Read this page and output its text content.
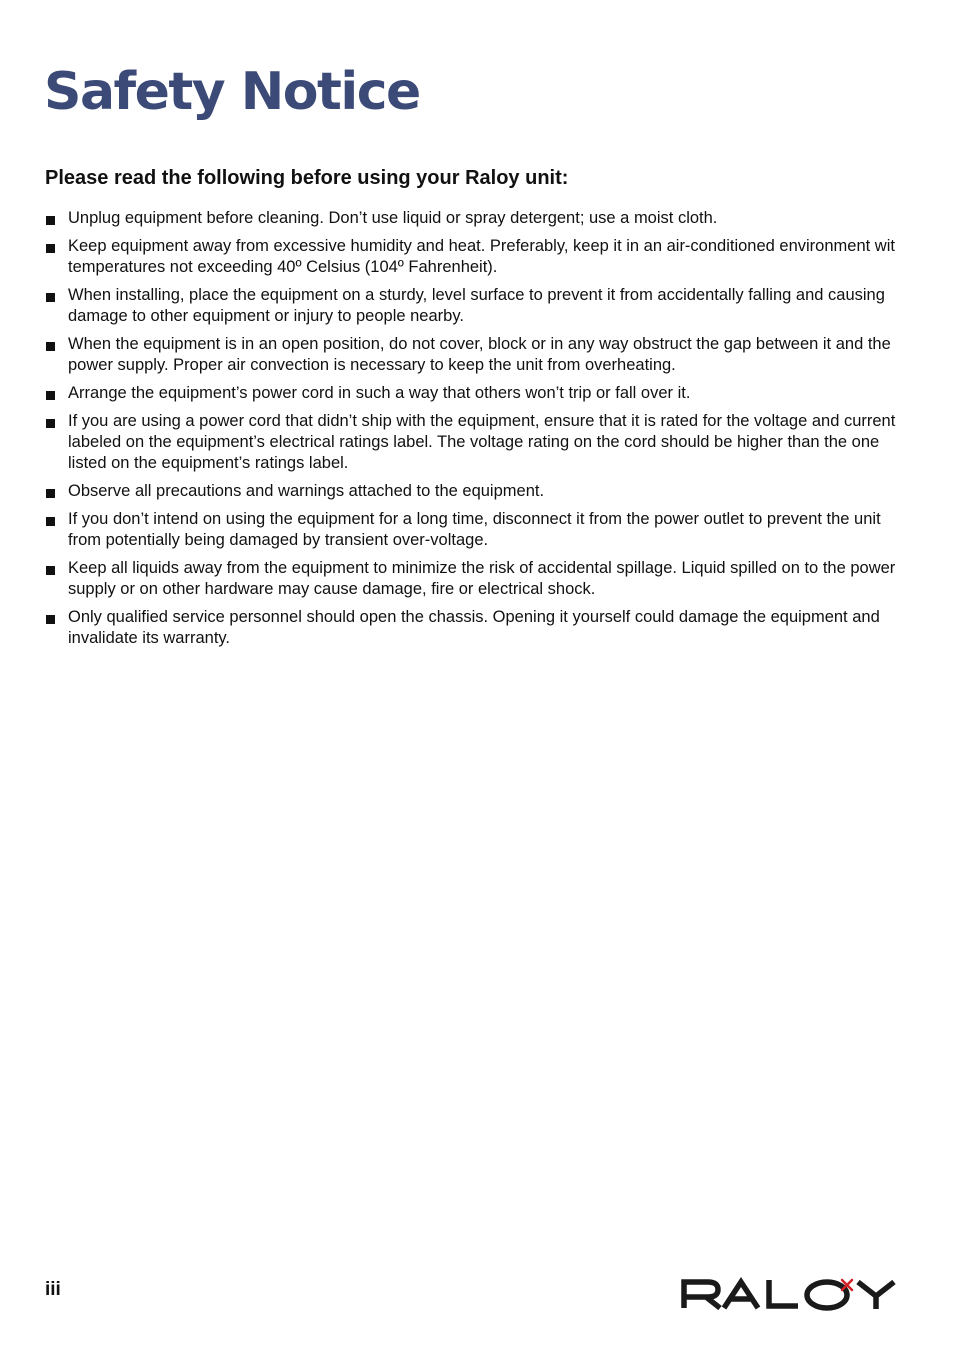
Safety Notice
Please read the following before using your Raloy unit:
Unplug equipment before cleaning. Don’t use liquid or spray detergent; use a moist cloth.
Keep equipment away from excessive humidity and heat. Preferably, keep it in an air-conditioned environment wit temperatures not exceeding 40º Celsius (104º Fahrenheit).
When installing, place the equipment on a sturdy, level surface to prevent it from accidentally falling and causing damage to other equipment or injury to people nearby.
When the equipment is in an open position, do not cover, block or in any way obstruct the gap between it and the power supply. Proper air convection is necessary to keep the unit from overheating.
Arrange the equipment’s power cord in such a way that others won’t trip or fall over it.
If you are using a power cord that didn’t ship with the equipment, ensure that it is rated for the voltage and current labeled on the equipment’s electrical ratings label. The voltage rating on the cord should be higher than the one listed on the equipment’s ratings label.
Observe all precautions and warnings attached to the equipment.
If you don’t intend on using the equipment for a long time, disconnect it from the power outlet to prevent the unit from potentially being damaged by transient over-voltage.
Keep all liquids away from the equipment to minimize the risk of accidental spillage. Liquid spilled on to the power supply or on other hardware may cause damage, fire or electrical shock.
Only qualified service personnel should open the chassis. Opening it yourself could damage the equipment and invalidate its warranty.
iii
